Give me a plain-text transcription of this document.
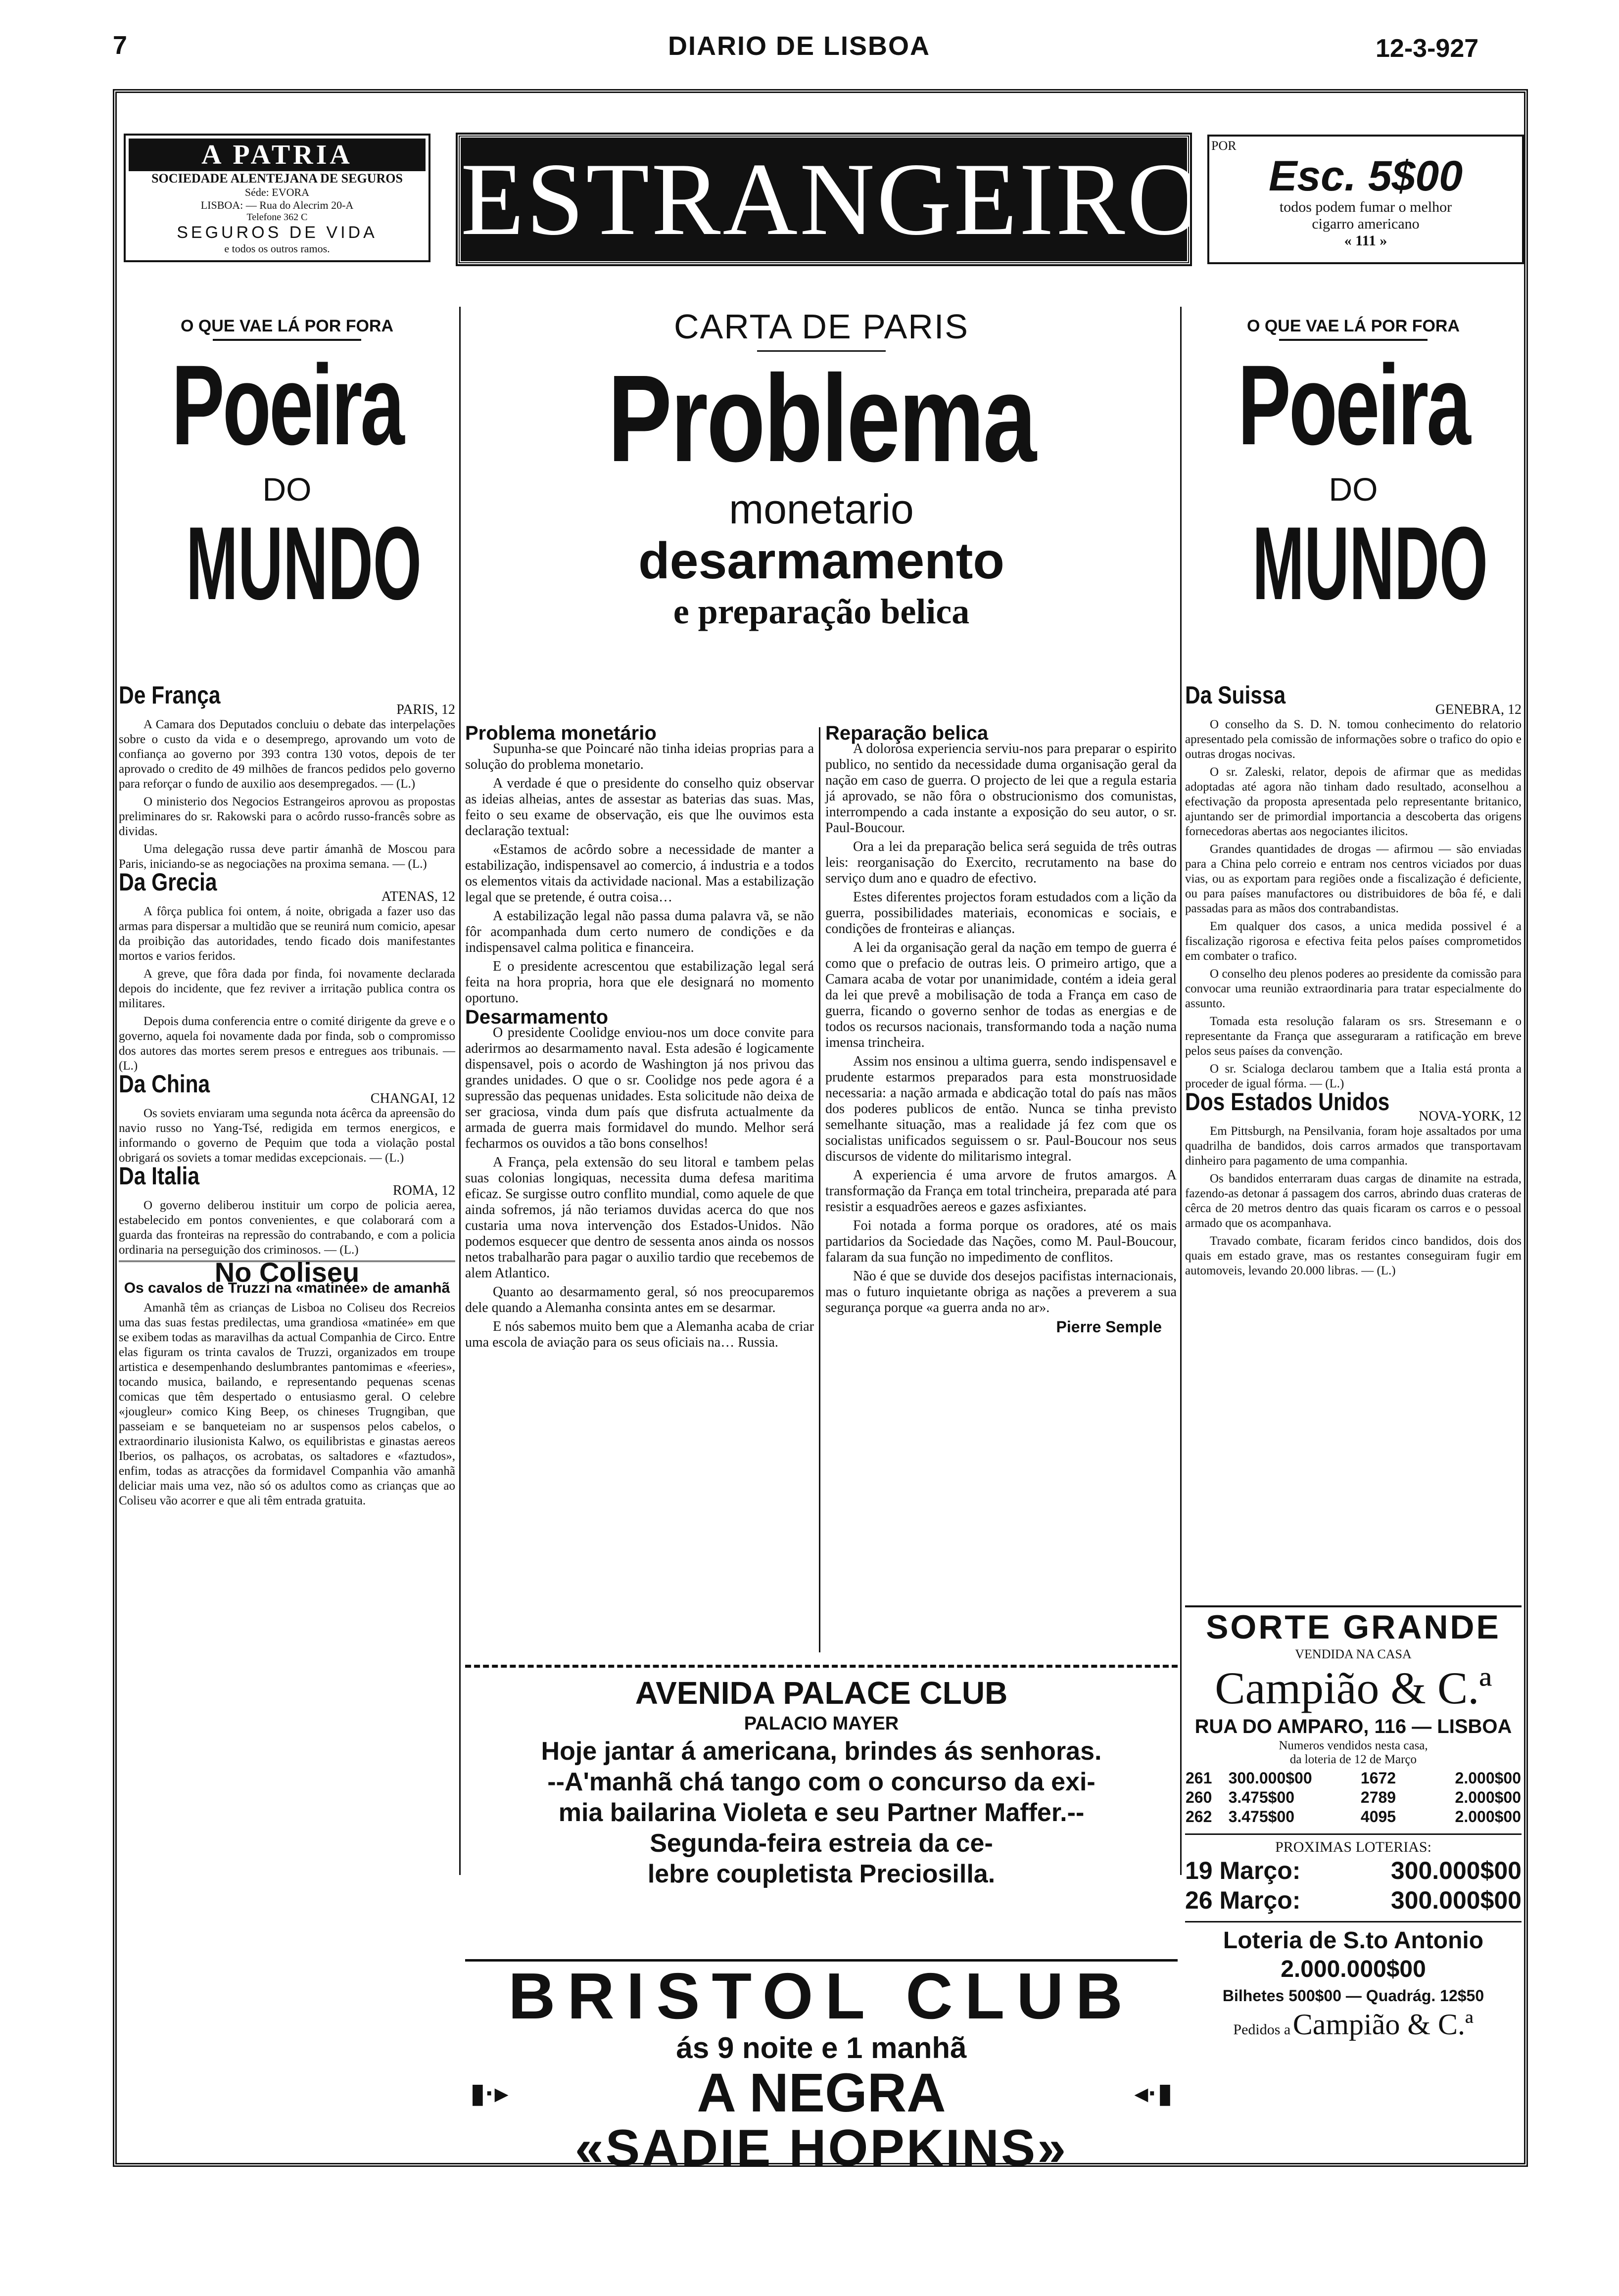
7	DIARIO DE LISBOA	12-3-927
A PATRIA
SOCIEDADE ALENTEJANA DE SEGUROS
Séde: EVORA
LISBOA: — Rua do Alecrim 20-A
Telefone 362 C
SEGUROS DE VIDA
e todos os outros ramos.	ESTRANGEIRO POR
Esc. 5$00
todos podem fumar o melhor
cigarro americano
« 111 »
O QUE VAE LÁ POR FORA
Poeira
DO
MUNDO
De França
PARIS, 12

A Camara dos Deputados concluiu o debate das interpelações sobre o custo da vida e o desemprego, aprovando um voto de confiança ao governo por 393 contra 130 votos, depois de ter aprovado o credito de 49 milhões de francos pedidos pelo governo para reforçar o fundo de auxilio aos desempregados. — (L.)

O ministerio dos Negocios Estrangeiros aprovou as propostas preliminares do sr. Rakowski para o acôrdo russo-francês sobre as dividas.

Uma delegação russa deve partir ámanhã de Moscou para Paris, iniciando-se as negociações na proxima semana. — (L.)

Da Grecia
ATENAS, 12

A fôrça publica foi ontem, á noite, obrigada a fazer uso das armas para dispersar a multidão que se reunirá num comicio, apesar da proibição das autoridades, tendo ficado dois manifestantes mortos e varios feridos.

A greve, que fôra dada por finda, foi novamente declarada depois do incidente, que fez reviver a irritação publica contra os militares.

Depois duma conferencia entre o comité dirigente da greve e o governo, aquela foi novamente dada por finda, sob o compromisso dos autores das mortes serem presos e entregues aos tribunais. — (L.)

Da China
CHANGAI, 12

Os soviets enviaram uma segunda nota ácêrca da apreensão do navio russo no Yang-Tsé, redigida em termos energicos, e informando o governo de Pequim que toda a violação postal obrigará os soviets a tomar medidas excepcionais. — (L.)

Da Italia
ROMA, 12

O governo deliberou instituir um corpo de policia aerea, estabelecido em pontos convenientes, e que colaborará com a guarda das fronteiras na repressão do contrabando, e com a policia ordinaria na perseguição dos criminosos. — (L.)

No Coliseu
Os cavalos de Truzzi na «matinée» de amanhã

Amanhã têm as crianças de Lisboa no Coliseu dos Recreios uma das suas festas predilectas, uma grandiosa «matinée» em que se exibem todas as maravilhas da actual Companhia de Circo. Entre elas figuram os trinta cavalos de Truzzi, organizados em troupe artistica e desempenhando deslumbrantes pantomimas e «feeries», tocando musica, bailando, e representando pequenas scenas comicas que têm despertado o entusiasmo geral. O celebre «jougleur» comico King Beep, os chineses Trugngiban, que passeiam e se banqueteiam no ar suspensos pelos cabelos, o extraordinario ilusionista Kalwo, os equilibristas e ginastas aereos Iberios, os palhaços, os acrobatas, os saltadores e «faztudos», enfim, todas as atracções da formidavel Companhia vão amanhã deliciar mais uma vez, não só os adultos como as crianças que ao Coliseu vão acorrer e que ali têm entrada gratuita.

CARTA DE PARIS
Problema
monetario
desarmamento
e preparação belica
Problema monetário

Supunha-se que Poincaré não tinha ideias proprias para a solução do problema monetario.

A verdade é que o presidente do conselho quiz observar as ideias alheias, antes de assestar as baterias das suas. Mas, feito o seu exame de observação, eis que lhe ouvimos esta declaração textual:

«Estamos de acôrdo sobre a necessidade de manter a estabilização, indispensavel ao comercio, á industria e a todos os elementos vitais da actividade nacional. Mas a estabilização legal que se pretende, é outra coisa…

A estabilização legal não passa duma palavra vã, se não fôr acompanhada dum certo numero de condições e da indispensavel calma politica e financeira.

E o presidente acrescentou que estabilização legal será feita na hora propria, hora que ele designará no momento oportuno.

Desarmamento

O presidente Coolidge enviou-nos um doce convite para aderirmos ao desarmamento naval. Esta adesão é logicamente dispensavel, pois o acordo de Washington já nos privou das grandes unidades. O que o sr. Coolidge nos pede agora é a supressão das pequenas unidades. Esta solicitude não deixa de ser graciosa, vinda dum país que disfruta actualmente da armada de guerra mais formidavel do mundo. Melhor será fecharmos os ouvidos a tão bons conselhos!

A França, pela extensão do seu litoral e tambem pelas suas colonias longiquas, necessita duma defesa maritima eficaz. Se surgisse outro conflito mundial, como aquele de que ainda sofremos, já não teriamos duvidas acerca do que nos custaria uma nova intervenção dos Estados-Unidos. Não podemos esquecer que dentro de sessenta anos ainda os nossos netos trabalharão para pagar o auxilio tardio que recebemos de alem Atlantico.

Quanto ao desarmamento geral, só nos preocuparemos dele quando a Alemanha consinta antes em se desarmar.

E nós sabemos muito bem que a Alemanha acaba de criar uma escola de aviação para os seus oficiais na… Russia.

Reparação belica

A dolorosa experiencia serviu-nos para preparar o espirito publico, no sentido da necessidade duma organisação geral da nação em caso de guerra. O projecto de lei que a regula estaria já aprovado, se não fôra o obstrucionismo dos comunistas, interrompendo a cada instante a exposição do seu autor, o sr. Paul-Boucour.

Ora a lei da preparação belica será seguida de três outras leis: reorganisação do Exercito, recrutamento na base do serviço dum ano e quadro de efectivo.

Estes diferentes projectos foram estudados com a lição da guerra, possibilidades materiais, economicas e sociais, e condições de fronteiras e alianças.

A lei da organisação geral da nação em tempo de guerra é como que o prefacio de outras leis. O primeiro artigo, que a Camara acaba de votar por unanimidade, contém a ideia geral da lei que prevê a mobilisação de toda a França em caso de guerra, ficando o governo senhor de todas as energias e de todos os recursos nacionais, transformando toda a nação numa imensa trincheira.

Assim nos ensinou a ultima guerra, sendo indispensavel e prudente estarmos preparados para esta monstruosidade necessaria: a nação armada e abdicação total do país nas mãos dos poderes publicos de então. Nunca se tinha previsto semelhante situação, mas a realidade já fez com que os socialistas unificados seguissem o sr. Paul-Boucour nos seus discursos de vidente do militarismo integral.

A experiencia é uma arvore de frutos amargos. A transformação da França em total trincheira, preparada até para resistir a esquadrões aereos e gazes asfixiantes.

Foi notada a forma porque os oradores, até os mais partidarios da Sociedade das Nações, como M. Paul-Boucour, falaram da sua função no impedimento de conflitos.

Não é que se duvide dos desejos pacifistas internacionais, mas o futuro inquietante obriga as nações a preverem a sua segurança porque «a guerra anda no ar».

Pierre Semple
AVENIDA PALACE CLUB
PALACIO MAYER
Hoje jantar á americana, brindes ás senhoras.
--A'manhã chá tango com o concurso da exi-
mia bailarina Violeta e seu Partner Maffer.--
Segunda-feira estreia da ce-
lebre coupletista Preciosilla.
BRISTOL CLUB
ás 9 noite e 1 manhã
▮·▸	A NEGRA	◂·▮
«SADIE HOPKINS»
O QUE VAE LÁ POR FORA
Poeira
DO
MUNDO
Da Suissa
GENEBRA, 12

O conselho da S. D. N. tomou conhecimento do relatorio apresentado pela comissão de informações sobre o trafico do opio e outras drogas nocivas.

O sr. Zaleski, relator, depois de afirmar que as medidas adoptadas até agora não tinham dado resultado, aconselhou a efectivação da proposta apresentada pelo representante britanico, ajuntando ser de primordial importancia a descoberta das origens fornecedoras abertas aos negociantes ilicitos.

Grandes quantidades de drogas — afirmou — são enviadas para a China pelo correio e entram nos centros viciados por duas vias, ou as exportam para regiões onde a fiscalização é deficiente, ou para países manufactores ou distribuidores de bôa fé, e dali passadas para as mãos dos contrabandistas.

Em qualquer dos casos, a unica medida possivel é a fiscalização rigorosa e efectiva feita pelos países comprometidos em combater o trafico.

O conselho deu plenos poderes ao presidente da comissão para convocar uma reunião extraordinaria para tratar especialmente do assunto.

Tomada esta resolução falaram os srs. Stresemann e o representante da França que asseguraram a ratificação em breve pelos seus países da convenção.

O sr. Scialoga declarou tambem que a Italia está pronta a proceder de igual fórma. — (L.)

Dos Estados Unidos
NOVA-YORK, 12

Em Pittsburgh, na Pensilvania, foram hoje assaltados por uma quadrilha de bandidos, dois carros armados que transportavam dinheiro para pagamento de uma companhia.

Os bandidos enterraram duas cargas de dinamite na estrada, fazendo-as detonar á passagem dos carros, abrindo duas crateras de cêrca de 20 metros dentro das quais ficaram os carros e o pessoal armado que os acompanhava.

Travado combate, ficaram feridos cinco bandidos, dois dos quais em estado grave, mas os restantes conseguiram fugir em automoveis, levando 20.000 libras. — (L.)

SORTE GRANDE
VENDIDA NA CASA
Campião & C.ª
RUA DO AMPARO, 116 — LISBOA
Numeros vendidos nesta casa,
da loteria de 12 de Março
261	300.000$00	1672	2.000$00
260	3.475$00	2789	2.000$00
262	3.475$00	4095	2.000$00
PROXIMAS LOTERIAS:
19 Março:	300.000$00
26 Março:	300.000$00
Loteria de S.to Antonio
2.000.000$00
Bilhetes 500$00 — Quadrág. 12$50
Pedidos a Campião & C.ª
